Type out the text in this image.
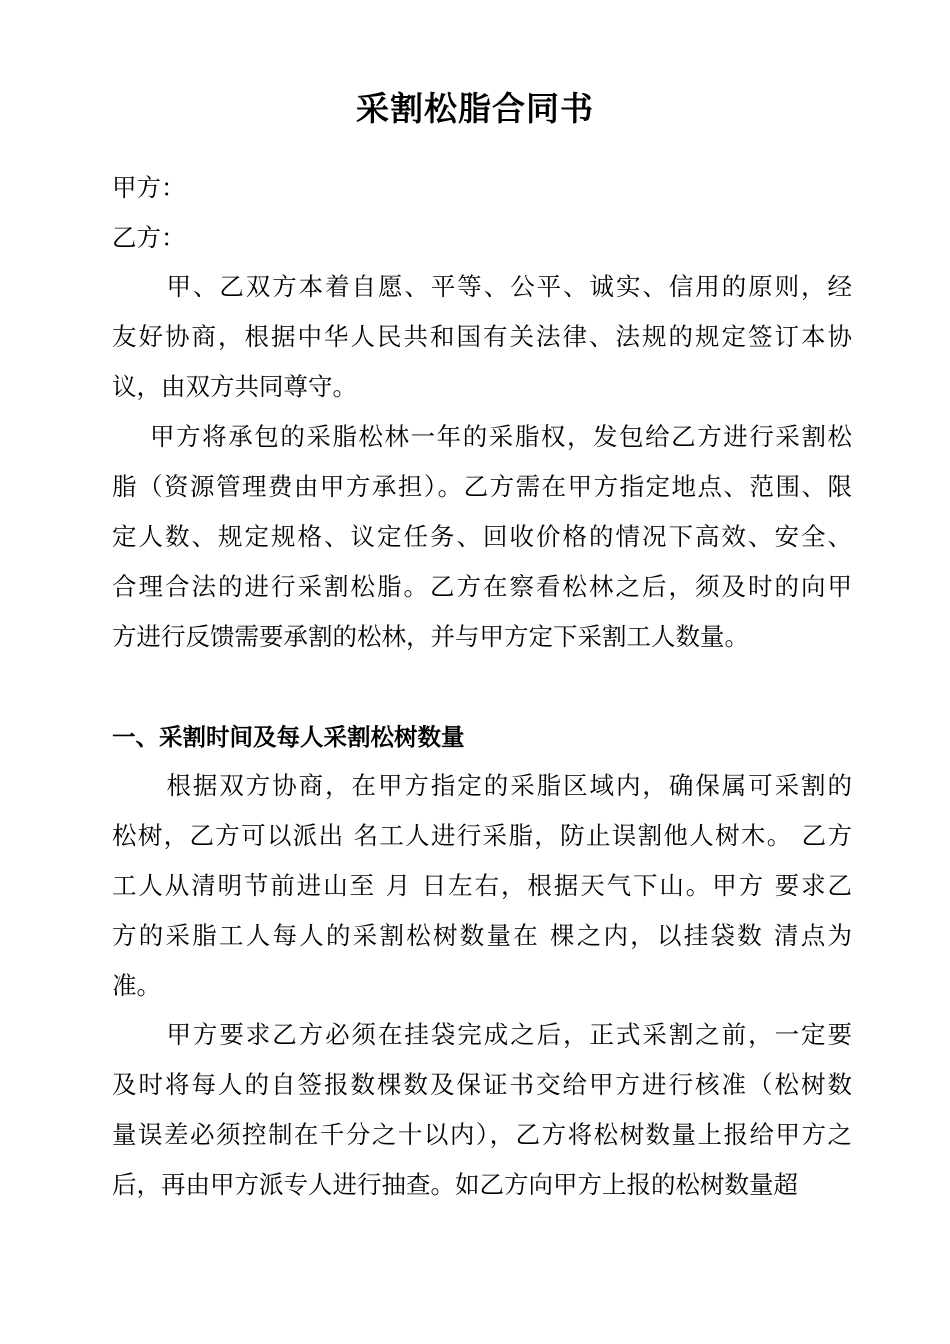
采割松脂合同书
甲方：
乙方：
　甲、乙双方本着自愿、平等、公平、诚实、信用的原则，经
友好协商，根据中华人民共和国有关法律、法规的规定签订本协
议，由双方共同尊守。
　甲方将承包的采脂松林一年的采脂权，发包给乙方进行采割松
脂（资源管理费由甲方承担）。乙方需在甲方指定地点、范围、限
定人数、规定规格、议定任务、回收价格的情况下高效、安全、
合理合法的进行采割松脂。乙方在察看松林之后，须及时的向甲
方进行反馈需要承割的松林，并与甲方定下采割工人数量。
一、采割时间及每人采割松树数量
　根据双方协商，在甲方指定的采脂区域内，确保属可采割的
松树，乙方可以派出 名工人进行采脂，防止误割他人树木。 乙方
工人从清明节前进山至 月 日左右，根据天气下山。甲方 要求乙
方的采脂工人每人的采割松树数量在 棵之内，以挂袋数 清点为
准。
　甲方要求乙方必须在挂袋完成之后，正式采割之前，一定要
及时将每人的自签报数棵数及保证书交给甲方进行核准（松树数
量误差必须控制在千分之十以内），乙方将松树数量上报给甲方之
后，再由甲方派专人进行抽查。如乙方向甲方上报的松树数量超
